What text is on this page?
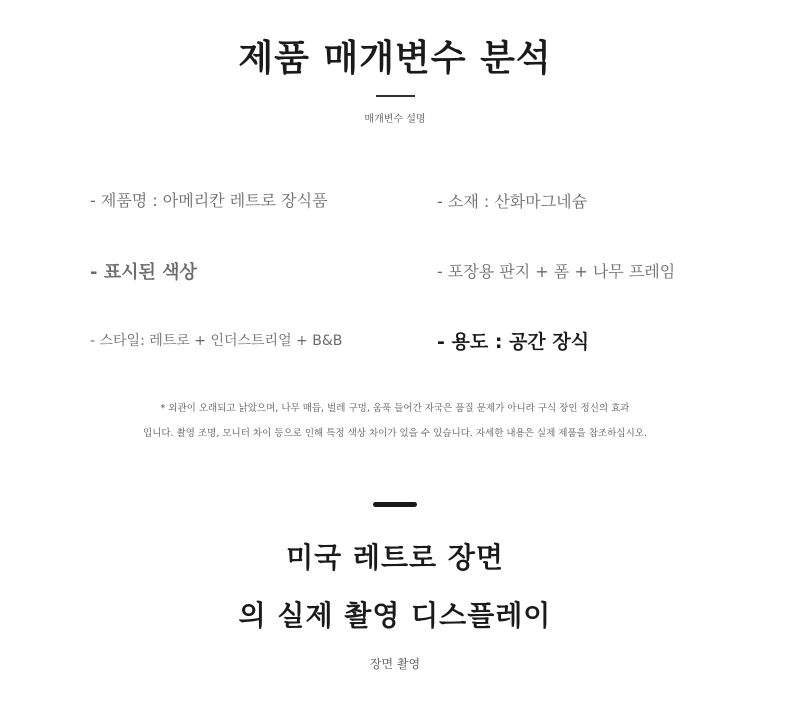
제품 매개변수 분석
매개변수 설명
- 제품명 : 아메리칸 레트로 장식품	- 소재 : 산화마그네슘
- 표시된 색상	- 포장용 판지 + 폼 + 나무 프레임
- 스타일: 레트로 + 인더스트리얼 + B&B	- 용도 : 공간 장식
* 외관이 오래되고 낡았으며, 나무 매듭, 벌레 구멍, 움푹 들어간 자국은 품질 문제가 아니라 구식 장인 정신의 효과
입니다. 촬영 조명, 모니터 차이 등으로 인해 특정 색상 차이가 있을 수 있습니다. 자세한 내용은 실제 제품을 참조하십시오.
미국 레트로 장면
의 실제 촬영 디스플레이
장면 촬영
